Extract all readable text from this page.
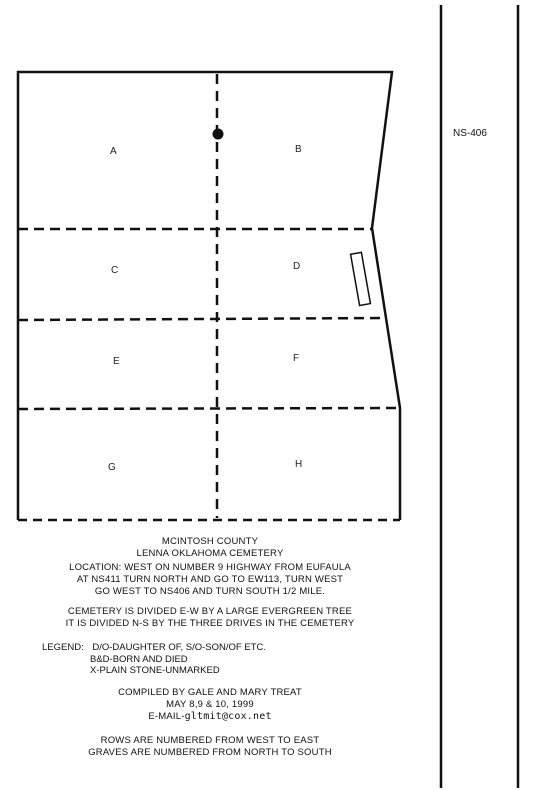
NS-406
A	B
C	D
E	F
G	H
MCINTOSH COUNTY
LENNA OKLAHOMA CEMETERY
LOCATION: WEST ON NUMBER 9 HIGHWAY FROM EUFAULA
AT NS411 TURN NORTH AND GO TO EW113, TURN WEST
GO WEST TO NS406 AND TURN SOUTH 1/2 MILE.
CEMETERY IS DIVIDED E-W BY A LARGE EVERGREEN TREE
IT IS DIVIDED N-S BY THE THREE DRIVES IN THE CEMETERY
LEGEND: D/O-DAUGHTER OF, S/O-SON/OF ETC.
B&D-BORN AND DIED
X-PLAIN STONE-UNMARKED
COMPILED BY GALE AND MARY TREAT
MAY 8,9 & 10, 1999
E-MAIL-gltmit@cox.net
ROWS ARE NUMBERED FROM WEST TO EAST
GRAVES ARE NUMBERED FROM NORTH TO SOUTH
